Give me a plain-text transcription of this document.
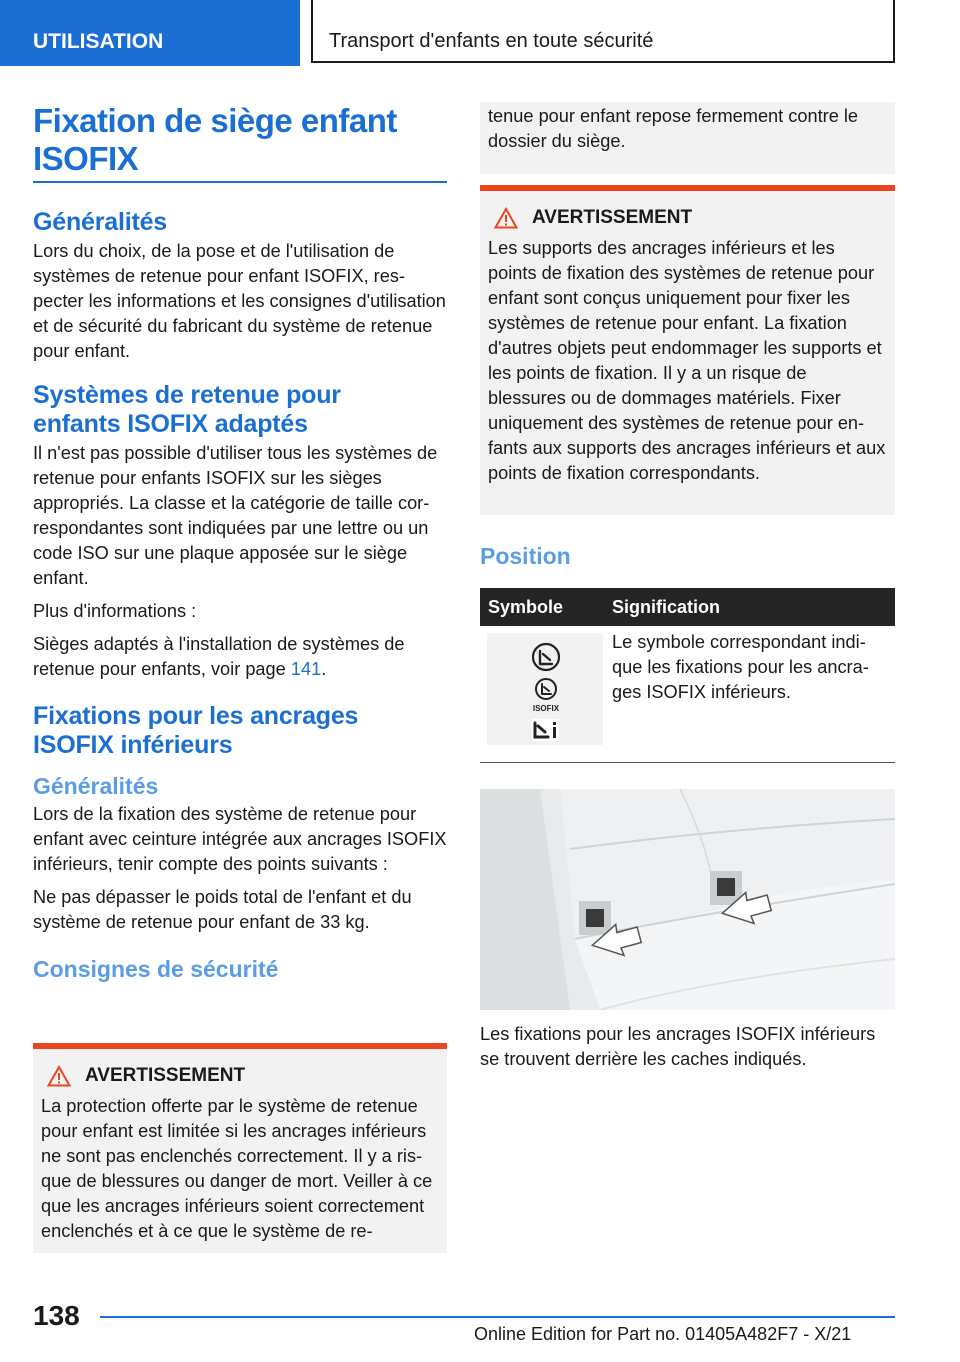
UTILISATION	Transport d'enfants en toute sécurité
Fixation de siège enfant ISOFIX
Généralités

Lors du choix, de la pose et de l'utilisation de systèmes de retenue pour enfant ISOFIX, respecter les informations et les consignes d'utilisation et de sécurité du fabricant du système de retenue pour enfant.

Systèmes de retenue pour enfants ISOFIX adaptés

Il n'est pas possible d'utiliser tous les systèmes de retenue pour enfants ISOFIX sur les sièges appropriés. La classe et la catégorie de taille correspondantes sont indiquées par une lettre ou un code ISO sur une plaque apposée sur le siège enfant.

Plus d'informations :

Sièges adaptés à l'installation de systèmes de retenue pour enfants, voir page 141.

Fixations pour les ancrages ISOFIX inférieurs
Généralités

Lors de la fixation des système de retenue pour enfant avec ceinture intégrée aux ancrages ISOFIX inférieurs, tenir compte des points suivants :

Ne pas dépasser le poids total de l'enfant et du système de retenue pour enfant de 33 kg.

Consignes de sécurité
AVERTISSEMENT
La protection offerte par le système de retenue pour enfant est limitée si les ancrages inférieurs ne sont pas enclenchés correctement. Il y a risque de blessures ou danger de mort. Veiller à ce que les ancrages inférieurs soient correctement enclenchés et à ce que le système de re-
tenue pour enfant repose fermement contre le dossier du siège.
AVERTISSEMENT
Les supports des ancrages inférieurs et les points de fixation des systèmes de retenue pour enfant sont conçus uniquement pour fixer les systèmes de retenue pour enfant. La fixation d'autres objets peut endommager les supports et les points de fixation. Il y a un risque de blessures ou de dommages matériels. Fixer uniquement des systèmes de retenue pour enfants aux supports des ancrages inférieurs et aux points de fixation correspondants.
Position
Symbole	Signification

ISOFIX	Le symbole correspondant indique les fixations pour les ancrages ISOFIX inférieurs.
Les fixations pour les ancrages ISOFIX inférieurs se trouvent derrière les caches indiqués.
138
Online Edition for Part no. 01405A482F7 - X/21
